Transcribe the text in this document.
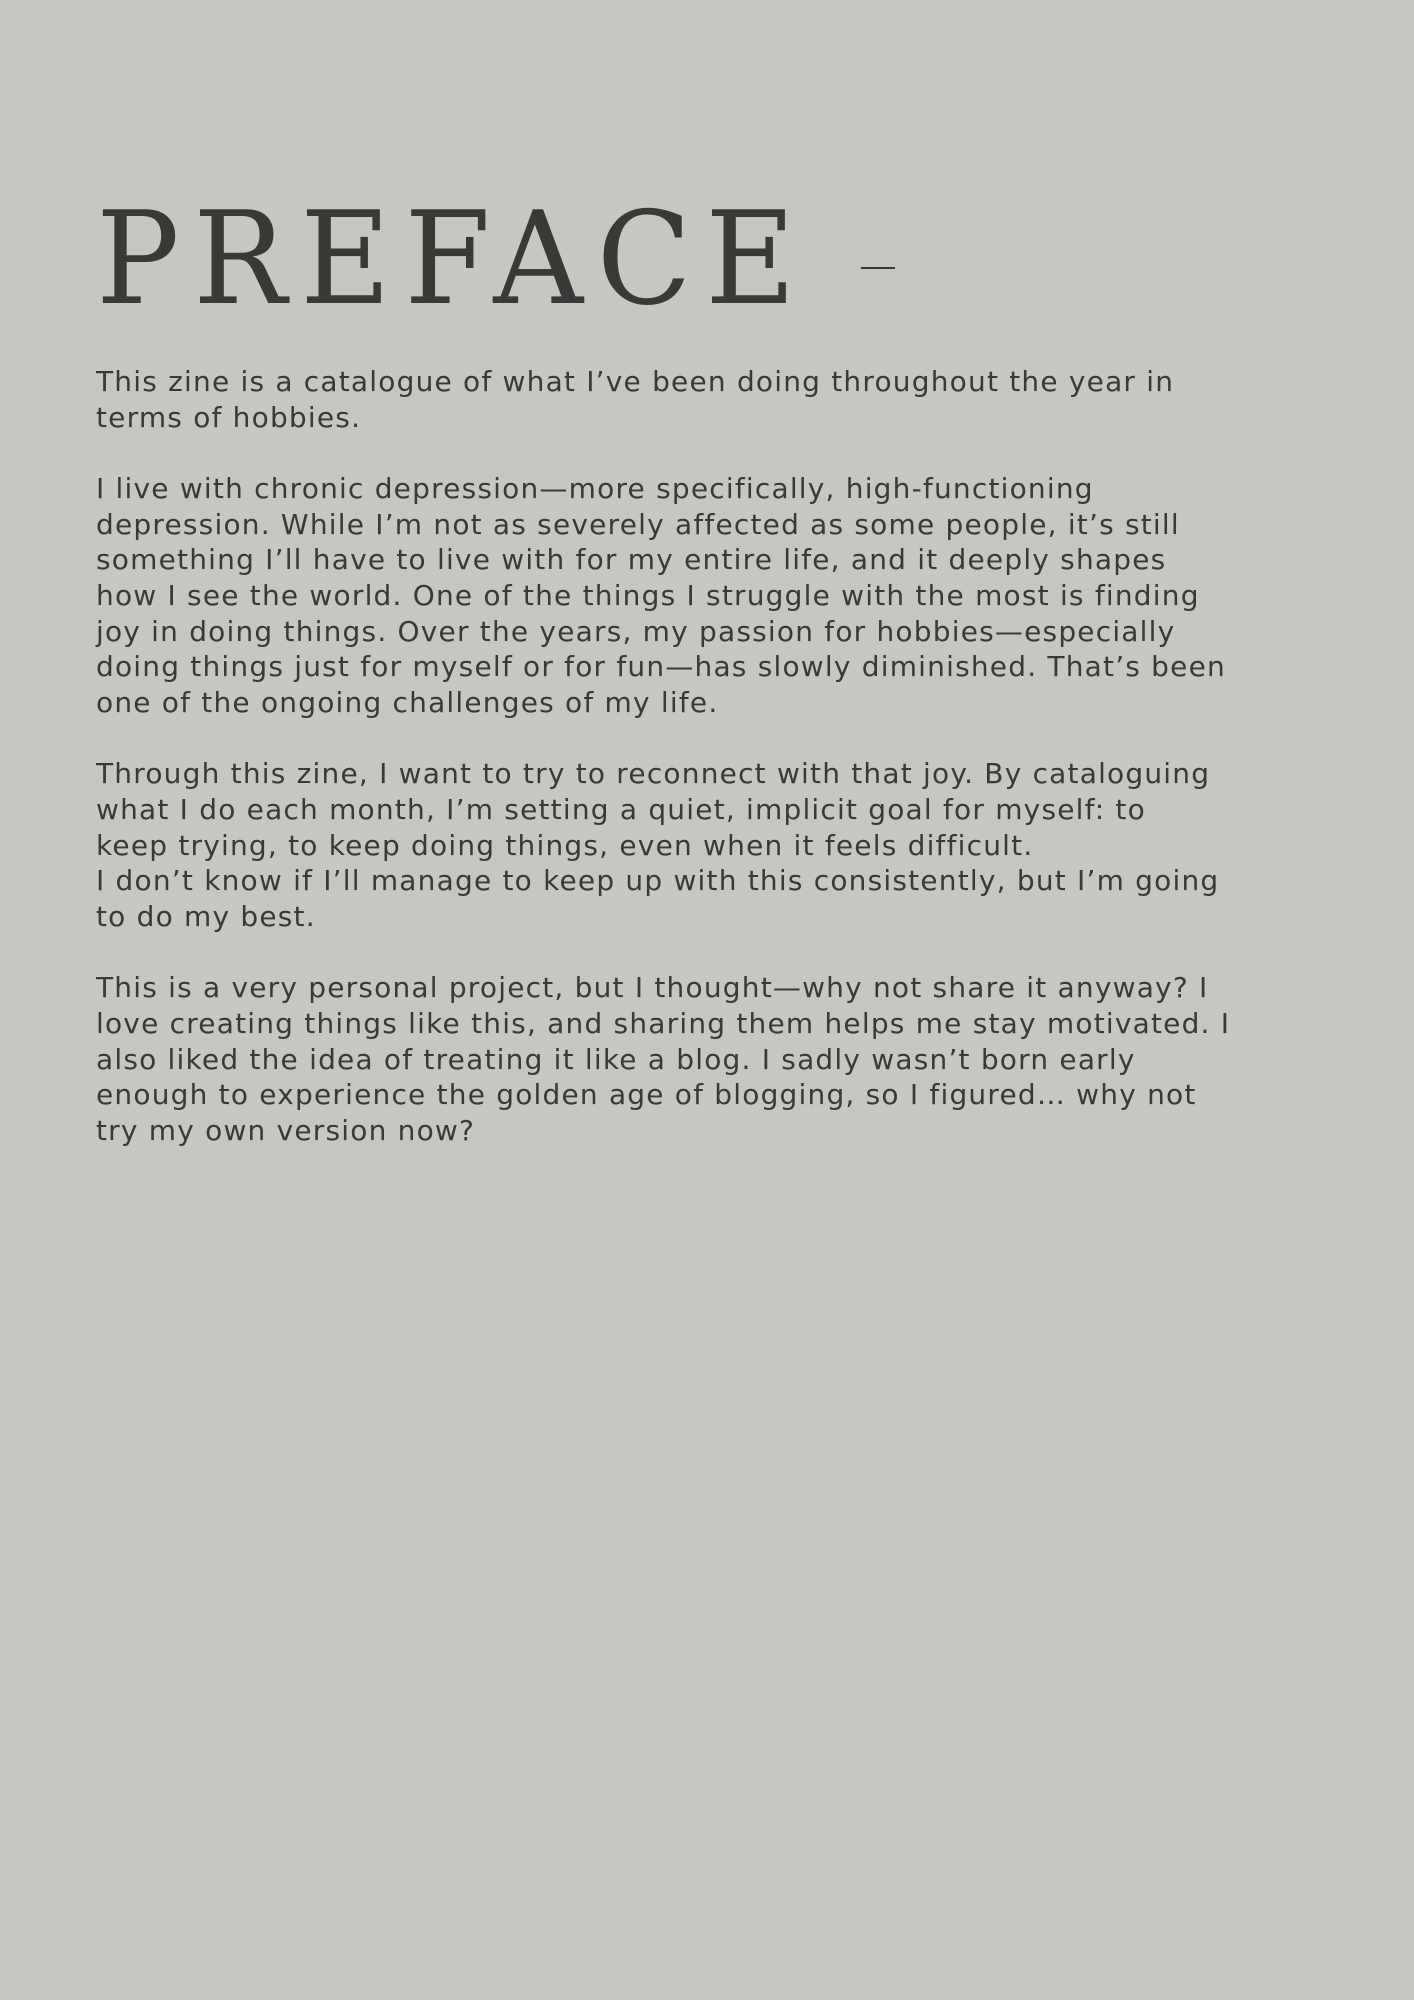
PREFACE

This zine is a catalogue of what I’ve been doing throughout the year in
terms of hobbies.

I live with chronic depression—more specifically, high-functioning
depression. While I’m not as severely affected as some people, it’s still
something I’ll have to live with for my entire life, and it deeply shapes
how I see the world. One of the things I struggle with the most is finding
joy in doing things. Over the years, my passion for hobbies—especially
doing things just for myself or for fun—has slowly diminished. That’s been
one of the ongoing challenges of my life.

Through this zine, I want to try to reconnect with that joy. By cataloguing
what I do each month, I’m setting a quiet, implicit goal for myself: to
keep trying, to keep doing things, even when it feels difficult.
I don’t know if I’ll manage to keep up with this consistently, but I’m going
to do my best.

This is a very personal project, but I thought—why not share it anyway? I
love creating things like this, and sharing them helps me stay motivated. I
also liked the idea of treating it like a blog. I sadly wasn’t born early
enough to experience the golden age of blogging, so I figured… why not
try my own version now?
